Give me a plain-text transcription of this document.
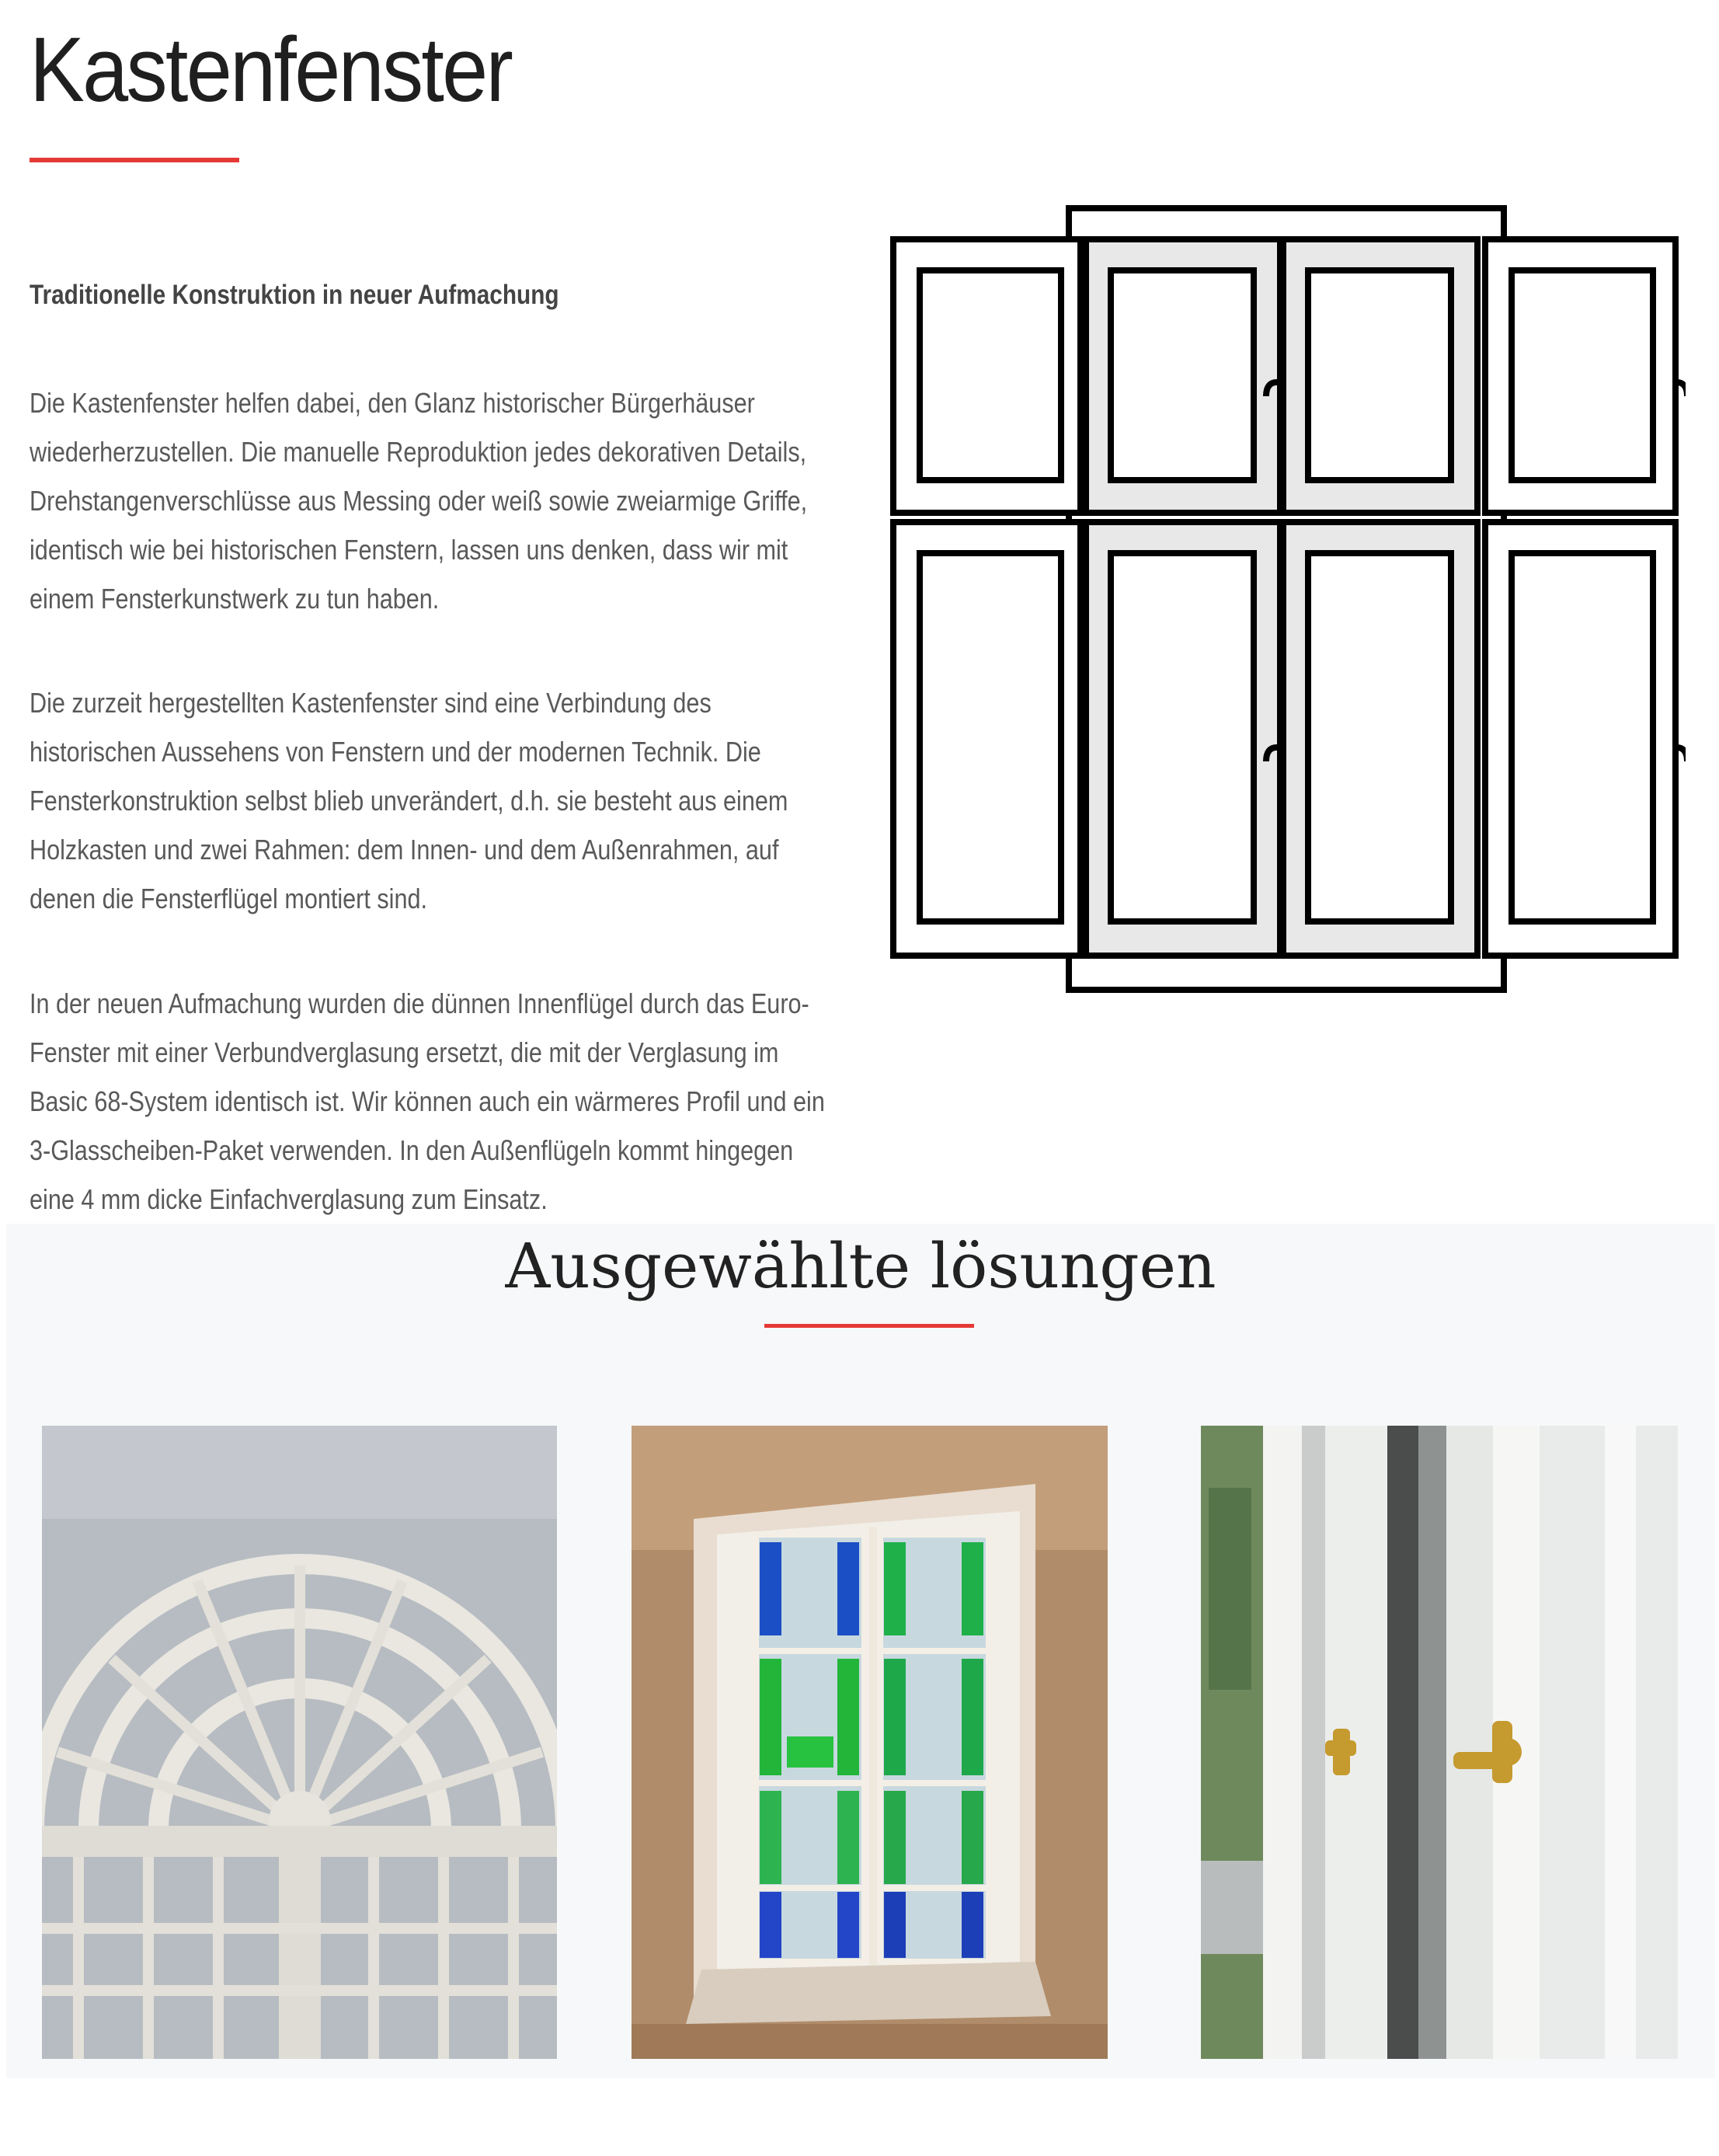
Kastenfenster
Traditionelle Konstruktion in neuer Aufmachung

Die Kastenfenster helfen dabei, den Glanz historischer Bürgerhäuser wiederherzustellen. Die manuelle Reproduktion jedes dekorativen Details, Drehstangenverschlüsse aus Messing oder weiß sowie zweiarmige Griffe, identisch wie bei historischen Fenstern, lassen uns denken, dass wir mit einem Fensterkunstwerk zu tun haben.

Die zurzeit hergestellten Kastenfenster sind eine Verbindung des historischen Aussehens von Fenstern und der modernen Technik. Die Fensterkonstruktion selbst blieb unverändert, d.h. sie besteht aus einem Holzkasten und zwei Rahmen: dem Innen- und dem Außenrahmen, auf denen die Fensterflügel montiert sind.

In der neuen Aufmachung wurden die dünnen Innenflügel durch das Euro-Fenster mit einer Verbundverglasung ersetzt, die mit der Verglasung im Basic 68-System identisch ist. Wir können auch ein wärmeres Profil und ein 3-Glasscheiben-Paket verwenden. In den Außenflügeln kommt hingegen eine 4 mm dicke Einfachverglasung zum Einsatz.

Ausgewählte lösungen
